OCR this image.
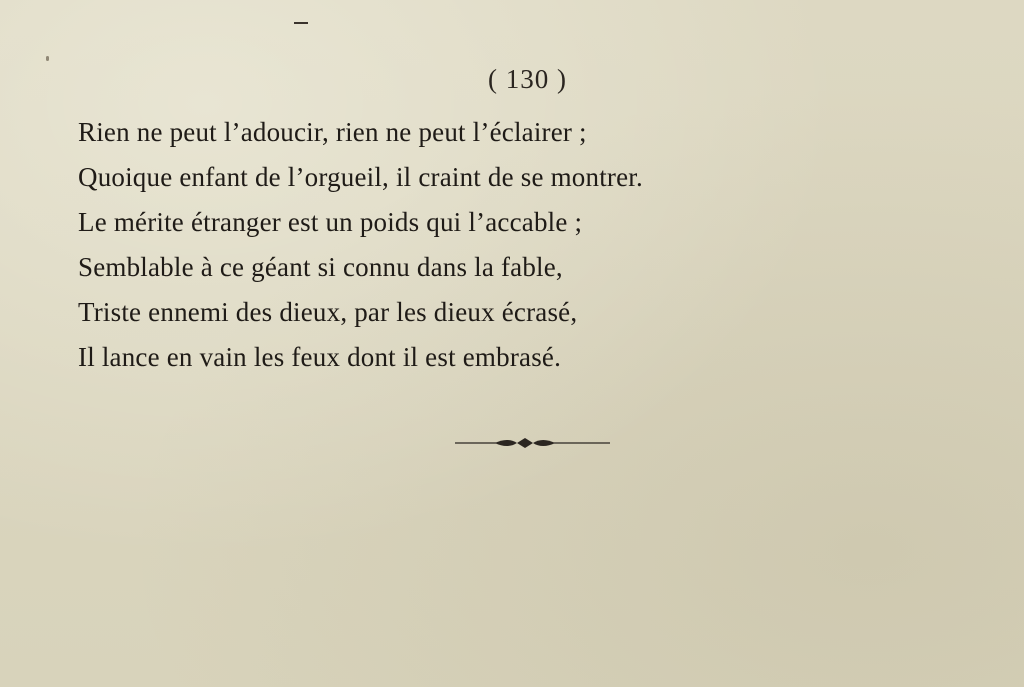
( 130 )
Rien ne peut l’adoucir, rien ne peut l’éclairer ;
Quoique enfant de l’orgueil, il craint de se montrer.
Le mérite étranger est un poids qui l’accable ;
Semblable à ce géant si connu dans la fable,
Triste ennemi des dieux, par les dieux écrasé,
Il lance en vain les feux dont il est embrasé.
